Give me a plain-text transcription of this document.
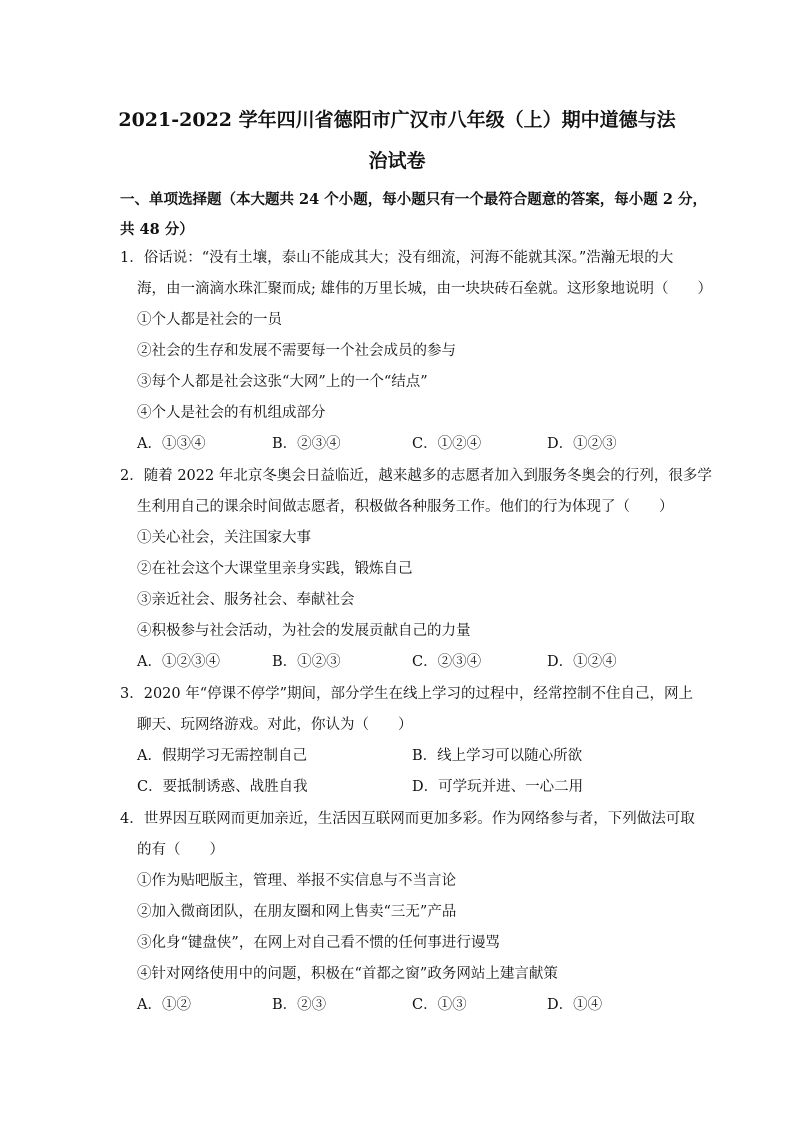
2021-2022 学年四川省德阳市广汉市八年级（上）期中道德与法
治试卷
一、单项选择题（本大题共 24 个小题，每小题只有一个最符合题意的答案，每小题 2 分，
共 48 分）
1．俗话说：“没有土壤，泰山不能成其大；没有细流，河海不能就其深。”浩瀚无垠的大
海，由一滴滴水珠汇聚而成; 雄伟的万里长城，由一块块砖石垒就。这形象地说明（　　）
①个人都是社会的一员
②社会的生存和发展不需要每一个社会成员的参与
③每个人都是社会这张“大网”上的一个“结点”
④个人是社会的有机组成部分
A．①③④	B．②③④	C．①②④	D．①②③
2．随着 2022 年北京冬奥会日益临近，越来越多的志愿者加入到服务冬奥会的行列，很多学
生利用自己的课余时间做志愿者，积极做各种服务工作。他们的行为体现了（　　）
①关心社会，关注国家大事
②在社会这个大课堂里亲身实践，锻炼自己
③亲近社会、服务社会、奉献社会
④积极参与社会活动，为社会的发展贡献自己的力量
A．①②③④	B．①②③	C．②③④	D．①②④
3．2020 年“停课不停学”期间，部分学生在线上学习的过程中，经常控制不住自己，网上
聊天、玩网络游戏。对此，你认为（　　）
A．假期学习无需控制自己	B．线上学习可以随心所欲
C．要抵制诱惑、战胜自我	D．可学玩并进、一心二用
4．世界因互联网而更加亲近，生活因互联网而更加多彩。作为网络参与者，下列做法可取
的有（　　）
①作为贴吧版主，管理、举报不实信息与不当言论
②加入微商团队，在朋友圈和网上售卖“三无”产品
③化身“键盘侠”，在网上对自己看不惯的任何事进行谩骂
④针对网络使用中的问题，积极在“首都之窗”政务网站上建言献策
A．①②	B．②③	C．①③	D．①④
